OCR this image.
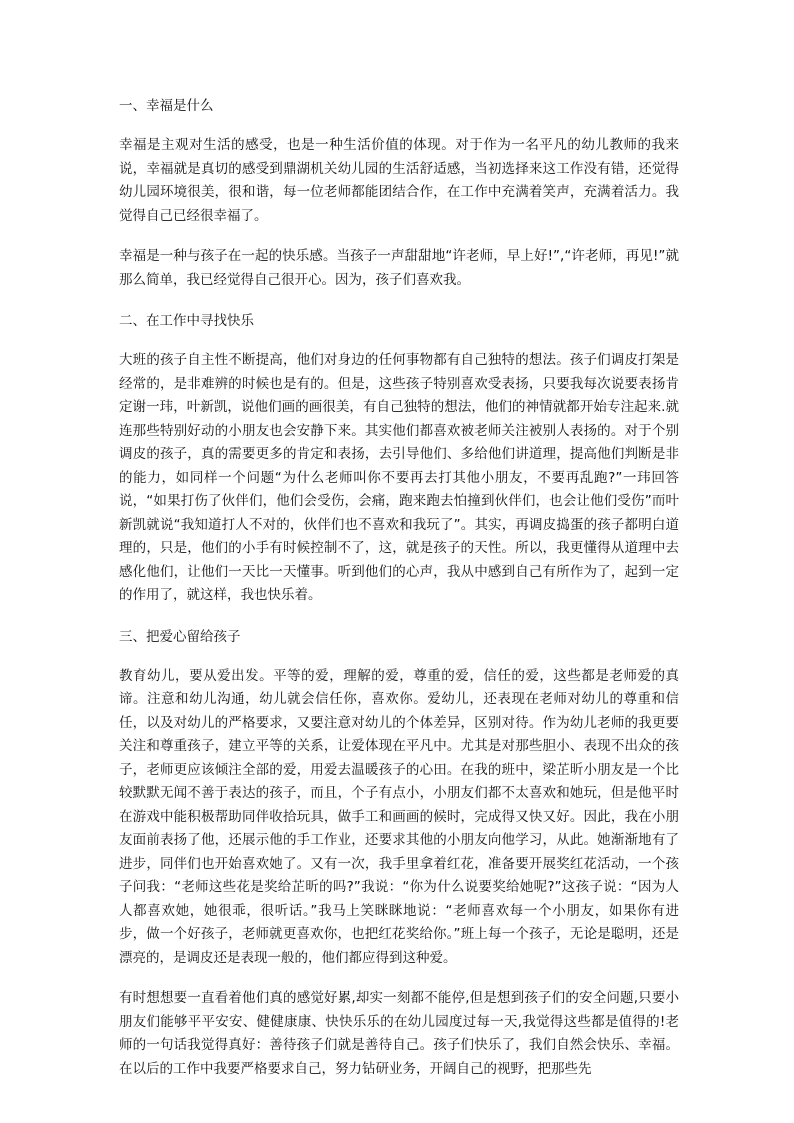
一、幸福是什么

幸福是主观对生活的感受，也是一种生活价值的体现。对于作为一名平凡的幼儿教师的我来说，幸福就是真切的感受到鼎湖机关幼儿园的生活舒适感，当初选择来这工作没有错，还觉得幼儿园环境很美，很和谐，每一位老师都能团结合作，在工作中充满着笑声，充满着活力。我觉得自己已经很幸福了。

幸福是一种与孩子在一起的快乐感。当孩子一声甜甜地“许老师，早上好!”,“许老师，再见!”就那么简单，我已经觉得自己很开心。因为，孩子们喜欢我。

二、在工作中寻找快乐

大班的孩子自主性不断提高，他们对身边的任何事物都有自己独特的想法。孩子们调皮打架是经常的，是非难辨的时候也是有的。但是，这些孩子特别喜欢受表扬，只要我每次说要表扬肯定谢一玮，叶新凯，说他们画的画很美，有自己独特的想法，他们的神情就都开始专注起来.就连那些特别好动的小朋友也会安静下来。其实他们都喜欢被老师关注被别人表扬的。对于个别调皮的孩子，真的需要更多的肯定和表扬，去引导他们、多给他们讲道理，提高他们判断是非的能力，如同样一个问题“为什么老师叫你不要再去打其他小朋友，不要再乱跑?”一玮回答说，“如果打伤了伙伴们，他们会受伤，会痛，跑来跑去怕撞到伙伴们，也会让他们受伤”而叶新凯就说“我知道打人不对的，伙伴们也不喜欢和我玩了”。其实，再调皮捣蛋的孩子都明白道理的，只是，他们的小手有时候控制不了，这，就是孩子的天性。所以，我更懂得从道理中去感化他们，让他们一天比一天懂事。听到他们的心声，我从中感到自己有所作为了，起到一定的作用了，就这样，我也快乐着。

三、把爱心留给孩子

教育幼儿，要从爱出发。平等的爱，理解的爱，尊重的爱，信任的爱，这些都是老师爱的真谛。注意和幼儿沟通，幼儿就会信任你，喜欢你。爱幼儿，还表现在老师对幼儿的尊重和信任，以及对幼儿的严格要求，又要注意对幼儿的个体差异，区别对待。作为幼儿老师的我更要关注和尊重孩子，建立平等的关系，让爱体现在平凡中。尤其是对那些胆小、表现不出众的孩子，老师更应该倾注全部的爱，用爱去温暖孩子的心田。在我的班中，梁芷昕小朋友是一个比较默默无闻不善于表达的孩子，而且，个子有点小，小朋友们都不太喜欢和她玩，但是他平时在游戏中能积极帮助同伴收拾玩具，做手工和画画的候时，完成得又快又好。因此，我在小朋友面前表扬了他，还展示他的手工作业，还要求其他的小朋友向他学习，从此。她渐渐地有了进步，同伴们也开始喜欢她了。又有一次，我手里拿着红花，准备要开展奖红花活动，一个孩子问我：“老师这些花是奖给芷昕的吗?”我说：“你为什么说要奖给她呢?”这孩子说：“因为人人都喜欢她，她很乖，很听话。”我马上笑眯眯地说：“老师喜欢每一个小朋友，如果你有进步，做一个好孩子，老师就更喜欢你，也把红花奖给你。”班上每一个孩子，无论是聪明，还是漂亮的，是调皮还是表现一般的，他们都应得到这种爱。

有时想想要一直看着他们真的感觉好累,却实一刻都不能停,但是想到孩子们的安全问题,只要小朋友们能够平平安安、健健康康、快快乐乐的在幼儿园度过每一天,我觉得这些都是值得的!老师的一句话我觉得真好：善待孩子们就是善待自己。孩子们快乐了，我们自然会快乐、幸福。在以后的工作中我要严格要求自己，努力钻研业务，开阔自己的视野，把那些先
